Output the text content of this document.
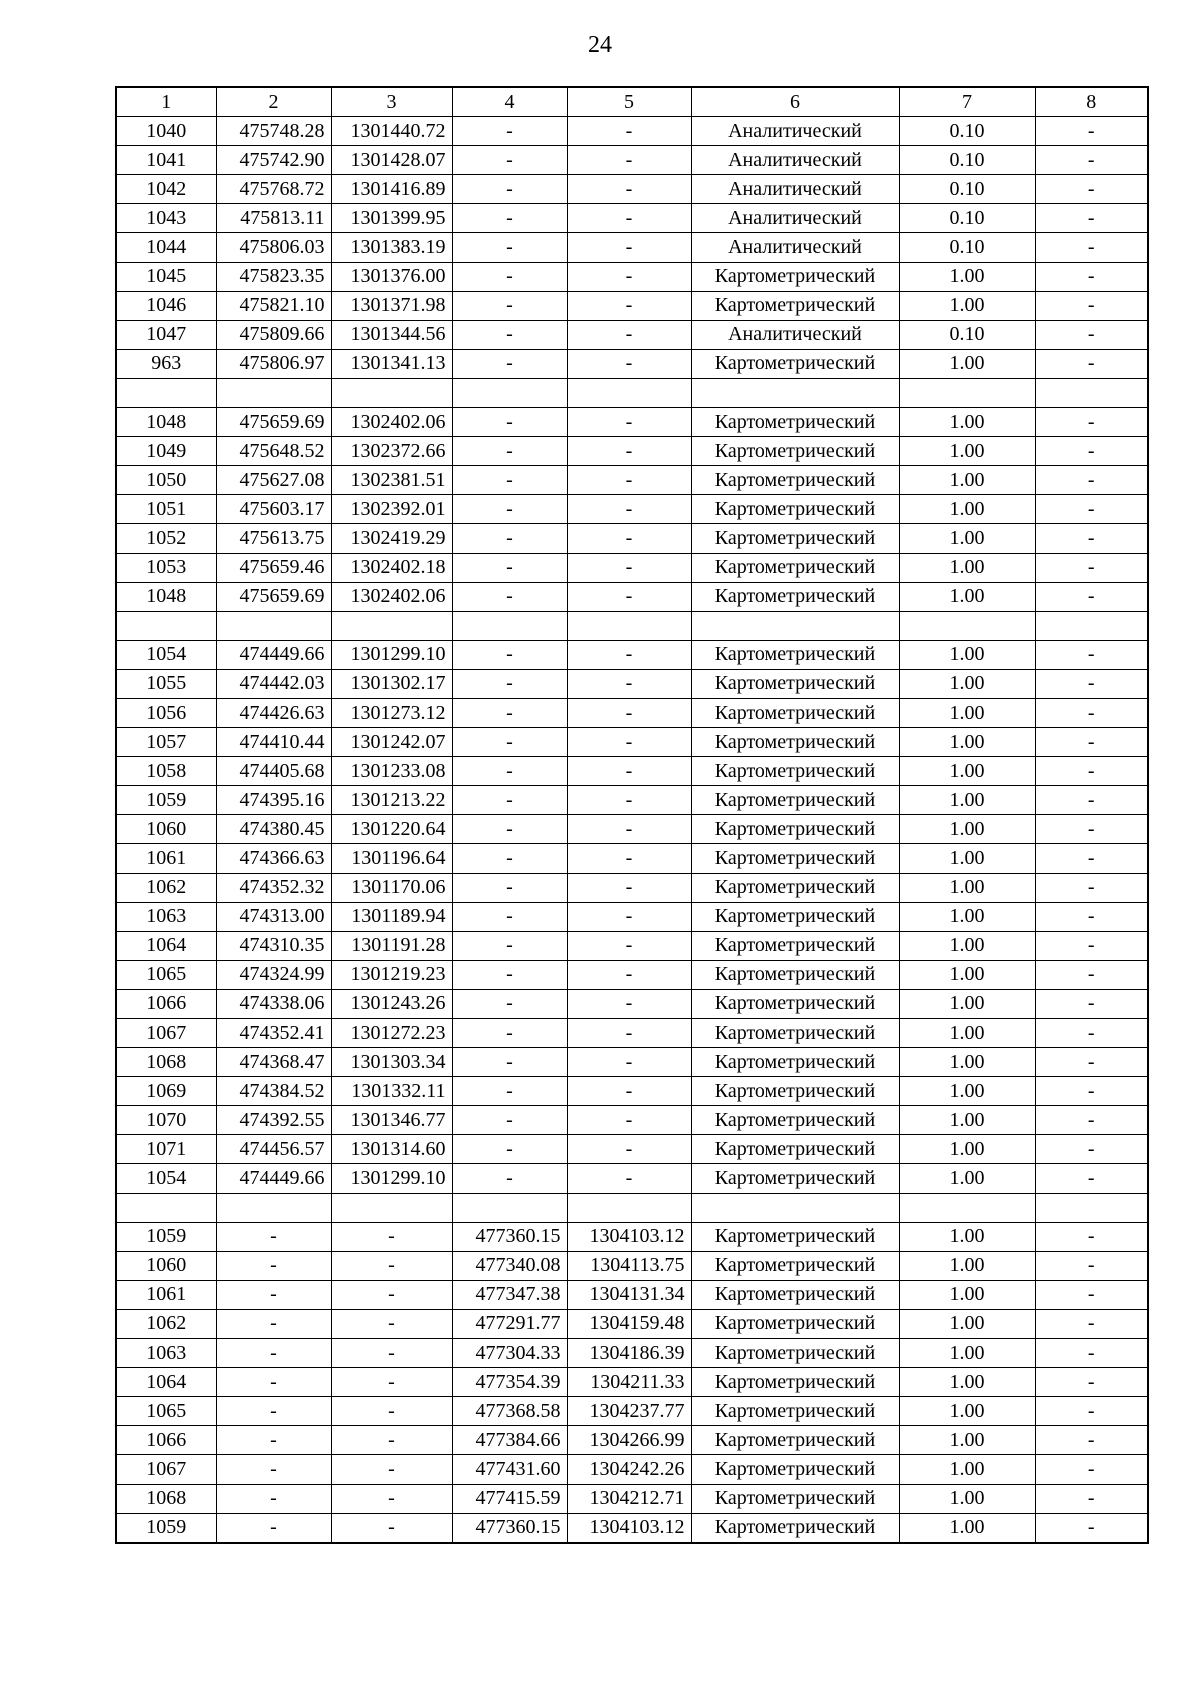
24
1	2	3	4	5	6	7	8
1040	475748.28	1301440.72	-	-	Аналитический	0.10	-
1041	475742.90	1301428.07	-	-	Аналитический	0.10	-
1042	475768.72	1301416.89	-	-	Аналитический	0.10	-
1043	475813.11	1301399.95	-	-	Аналитический	0.10	-
1044	475806.03	1301383.19	-	-	Аналитический	0.10	-
1045	475823.35	1301376.00	-	-	Картометрический	1.00	-
1046	475821.10	1301371.98	-	-	Картометрический	1.00	-
1047	475809.66	1301344.56	-	-	Аналитический	0.10	-
963	475806.97	1301341.13	-	-	Картометрический	1.00	-

1048	475659.69	1302402.06	-	-	Картометрический	1.00	-
1049	475648.52	1302372.66	-	-	Картометрический	1.00	-
1050	475627.08	1302381.51	-	-	Картометрический	1.00	-
1051	475603.17	1302392.01	-	-	Картометрический	1.00	-
1052	475613.75	1302419.29	-	-	Картометрический	1.00	-
1053	475659.46	1302402.18	-	-	Картометрический	1.00	-
1048	475659.69	1302402.06	-	-	Картометрический	1.00	-

1054	474449.66	1301299.10	-	-	Картометрический	1.00	-
1055	474442.03	1301302.17	-	-	Картометрический	1.00	-
1056	474426.63	1301273.12	-	-	Картометрический	1.00	-
1057	474410.44	1301242.07	-	-	Картометрический	1.00	-
1058	474405.68	1301233.08	-	-	Картометрический	1.00	-
1059	474395.16	1301213.22	-	-	Картометрический	1.00	-
1060	474380.45	1301220.64	-	-	Картометрический	1.00	-
1061	474366.63	1301196.64	-	-	Картометрический	1.00	-
1062	474352.32	1301170.06	-	-	Картометрический	1.00	-
1063	474313.00	1301189.94	-	-	Картометрический	1.00	-
1064	474310.35	1301191.28	-	-	Картометрический	1.00	-
1065	474324.99	1301219.23	-	-	Картометрический	1.00	-
1066	474338.06	1301243.26	-	-	Картометрический	1.00	-
1067	474352.41	1301272.23	-	-	Картометрический	1.00	-
1068	474368.47	1301303.34	-	-	Картометрический	1.00	-
1069	474384.52	1301332.11	-	-	Картометрический	1.00	-
1070	474392.55	1301346.77	-	-	Картометрический	1.00	-
1071	474456.57	1301314.60	-	-	Картометрический	1.00	-
1054	474449.66	1301299.10	-	-	Картометрический	1.00	-

1059	-	-	477360.15	1304103.12	Картометрический	1.00	-
1060	-	-	477340.08	1304113.75	Картометрический	1.00	-
1061	-	-	477347.38	1304131.34	Картометрический	1.00	-
1062	-	-	477291.77	1304159.48	Картометрический	1.00	-
1063	-	-	477304.33	1304186.39	Картометрический	1.00	-
1064	-	-	477354.39	1304211.33	Картометрический	1.00	-
1065	-	-	477368.58	1304237.77	Картометрический	1.00	-
1066	-	-	477384.66	1304266.99	Картометрический	1.00	-
1067	-	-	477431.60	1304242.26	Картометрический	1.00	-
1068	-	-	477415.59	1304212.71	Картометрический	1.00	-
1059	-	-	477360.15	1304103.12	Картометрический	1.00	-
